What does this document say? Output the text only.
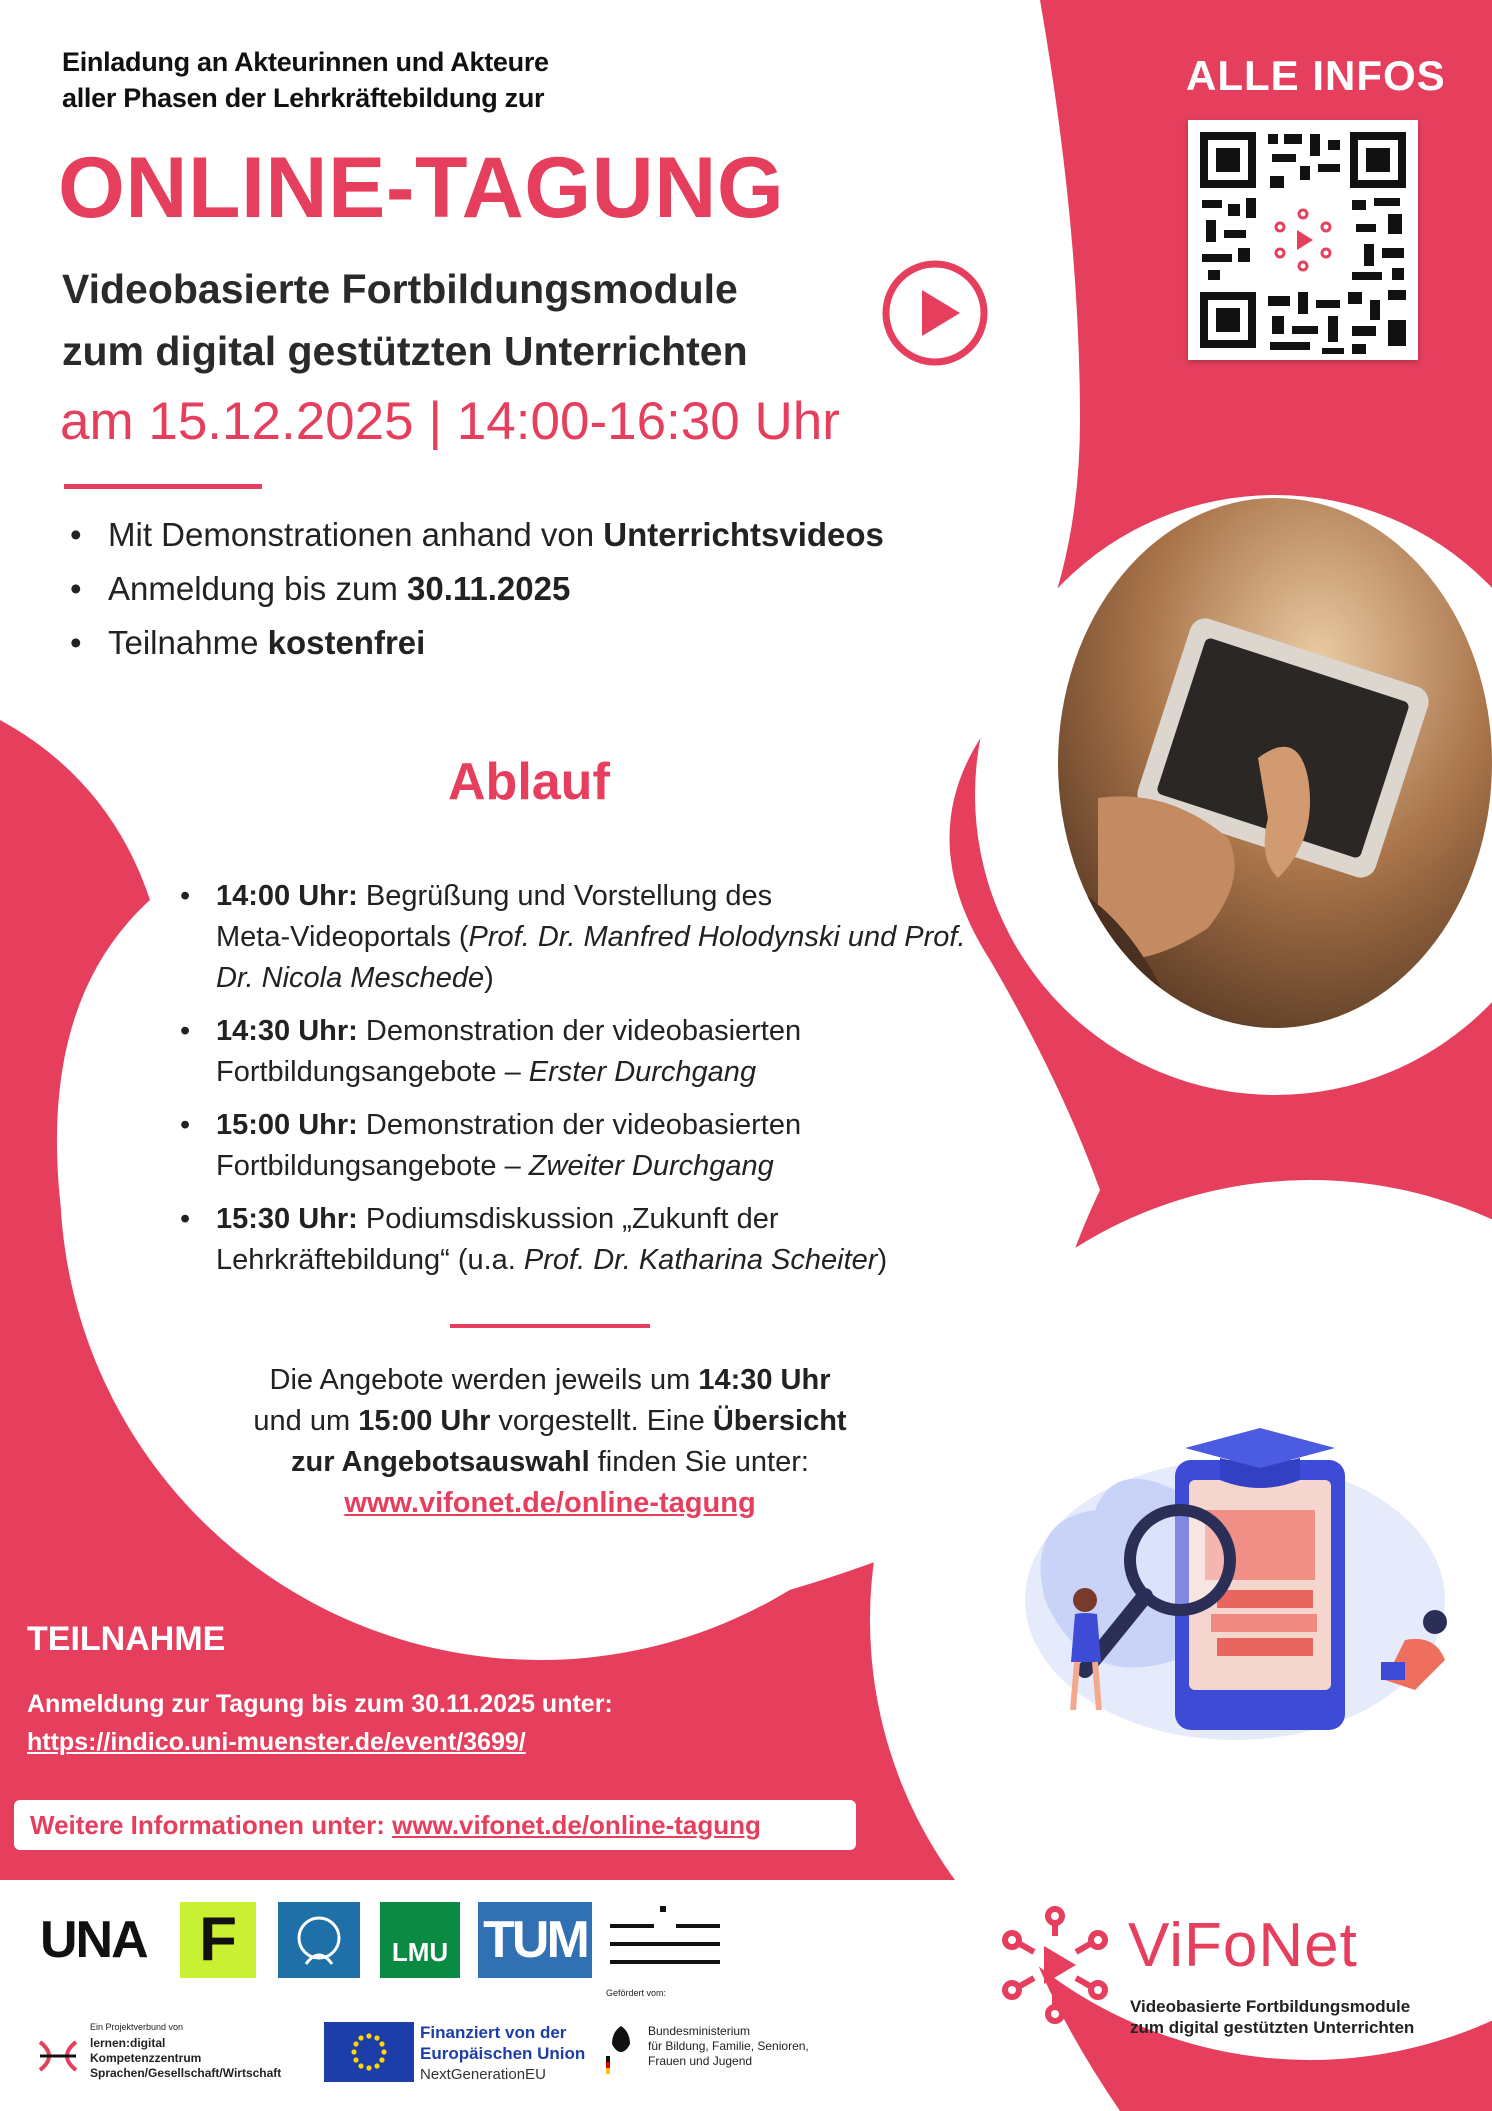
Einladung an Akteurinnen und Akteure
aller Phasen der Lehrkräftebildung zur
ONLINE-TAGUNG
Videobasierte Fortbildungsmodule
zum digital gestützten Unterrichten
am 15.12.2025 | 14:00-16:30 Uhr
• Mit Demonstrationen anhand von Unterrichtsvideos
• Anmeldung bis zum 30.11.2025
• Teilnahme kostenfrei
ALLE INFOS
Ablauf
• 14:00 Uhr: Begrüßung und Vorstellung des
Meta-Videoportals (Prof. Dr. Manfred Holodynski und Prof. Dr. Nicola Meschede)
• 14:30 Uhr: Demonstration der videobasierten
Fortbildungsangebote – Erster Durchgang
• 15:00 Uhr: Demonstration der videobasierten
Fortbildungsangebote – Zweiter Durchgang
• 15:30 Uhr: Podiumsdiskussion „Zukunft der
Lehrkräftebildung“ (u.a. Prof. Dr. Katharina Scheiter)
Die Angebote werden jeweils um 14:30 Uhr
und um 15:00 Uhr vorgestellt. Eine Übersicht
zur Angebotsauswahl finden Sie unter:
www.vifonet.de/online-tagung
TEILNAHME
Anmeldung zur Tagung bis zum 30.11.2025 unter:
https://indico.uni-muenster.de/event/3699/
Weitere Informationen unter: www.vifonet.de/online-tagung
UNA F	LMU TUM
Ein Projektverbund von
lernen:digital
Kompetenzzentrum
Sprachen/Gesellschaft/Wirtschaft
Finanziert von der
Europäischen Union
NextGenerationEU
Gefördert vom:
Bundesministerium
für Bildung, Familie, Senioren,
Frauen und Jugend
ViFoNet
Videobasierte Fortbildungsmodule
zum digital gestützten Unterrichten
